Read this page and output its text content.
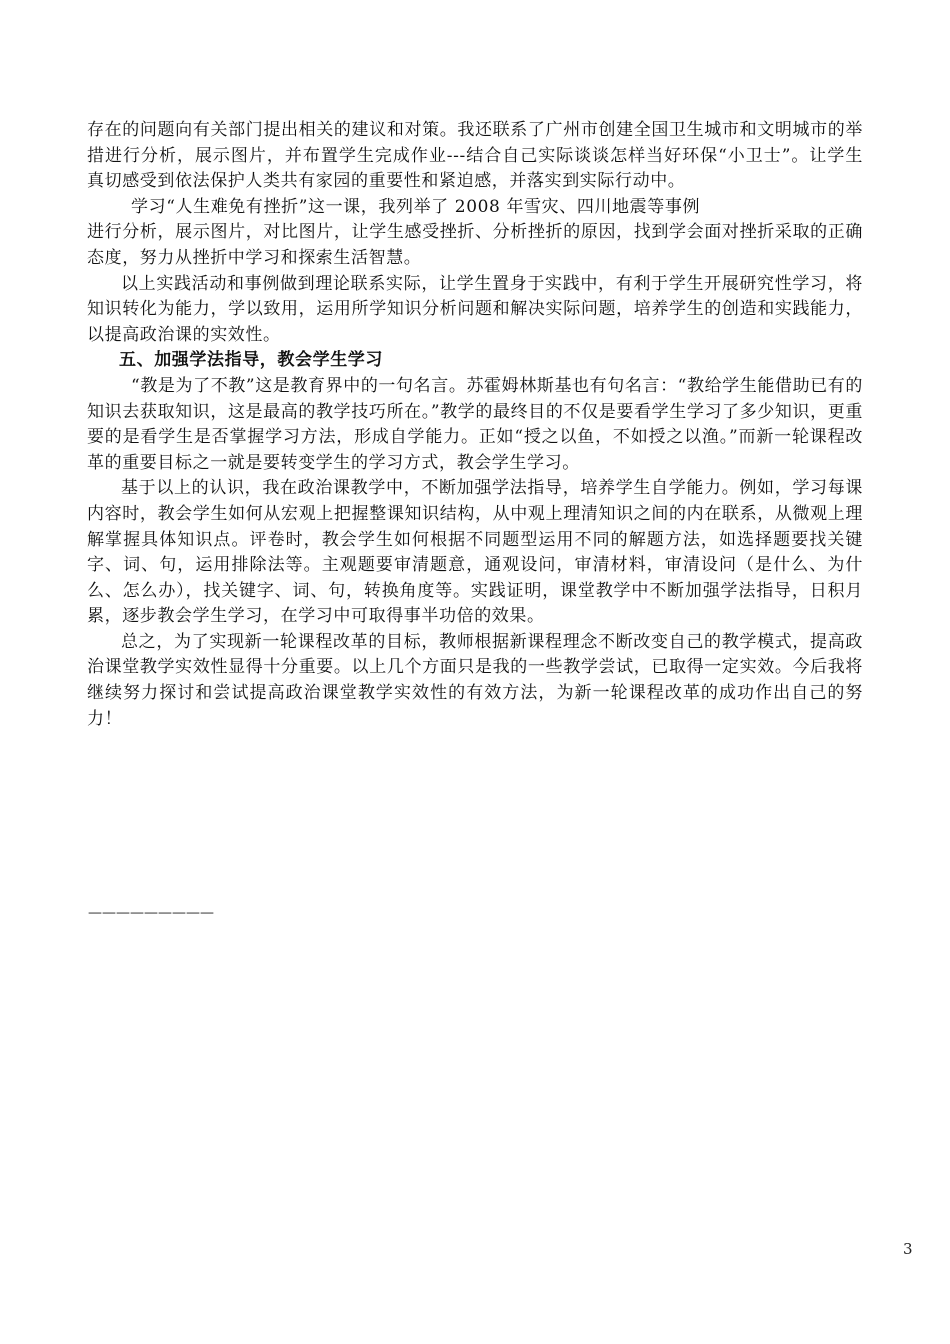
存在的问题向有关部门提出相关的建议和对策。我还联系了广州市创建全国卫生城市和文明城市的举措进行分析，展示图片，并布置学生完成作业---结合自己实际谈谈怎样当好环保“小卫士”。让学生真切感受到依法保护人类共有家园的重要性和紧迫感，并落实到实际行动中。

学习“人生难免有挫折”这一课，我列举了 2008 年雪灾、四川地震等事例

进行分析，展示图片，对比图片，让学生感受挫折、分析挫折的原因，找到学会面对挫折采取的正确态度，努力从挫折中学习和探索生活智慧。

以上实践活动和事例做到理论联系实际，让学生置身于实践中，有利于学生开展研究性学习，将知识转化为能力，学以致用，运用所学知识分析问题和解决实际问题，培养学生的创造和实践能力，以提高政治课的实效性。

五、加强学法指导，教会学生学习

“教是为了不教”这是教育界中的一句名言。苏霍姆林斯基也有句名言：“教给学生能借助已有的知识去获取知识，这是最高的教学技巧所在。”教学的最终目的不仅是要看学生学习了多少知识，更重要的是看学生是否掌握学习方法，形成自学能力。正如“授之以鱼，不如授之以渔。”而新一轮课程改革的重要目标之一就是要转变学生的学习方式，教会学生学习。

基于以上的认识，我在政治课教学中，不断加强学法指导，培养学生自学能力。例如，学习每课内容时，教会学生如何从宏观上把握整课知识结构，从中观上理清知识之间的内在联系，从微观上理解掌握具体知识点。评卷时，教会学生如何根据不同题型运用不同的解题方法，如选择题要找关键字、词、句，运用排除法等。主观题要审清题意，通观设问，审清材料，审清设问（是什么、为什么、怎么办），找关键字、词、句，转换角度等。实践证明，课堂教学中不断加强学法指导，日积月累，逐步教会学生学习，在学习中可取得事半功倍的效果。

总之，为了实现新一轮课程改革的目标，教师根据新课程理念不断改变自己的教学模式，提高政治课堂教学实效性显得十分重要。以上几个方面只是我的一些教学尝试，已取得一定实效。今后我将继续努力探讨和尝试提高政治课堂教学实效性的有效方法，为新一轮课程改革的成功作出自己的努力！

—————————
3
